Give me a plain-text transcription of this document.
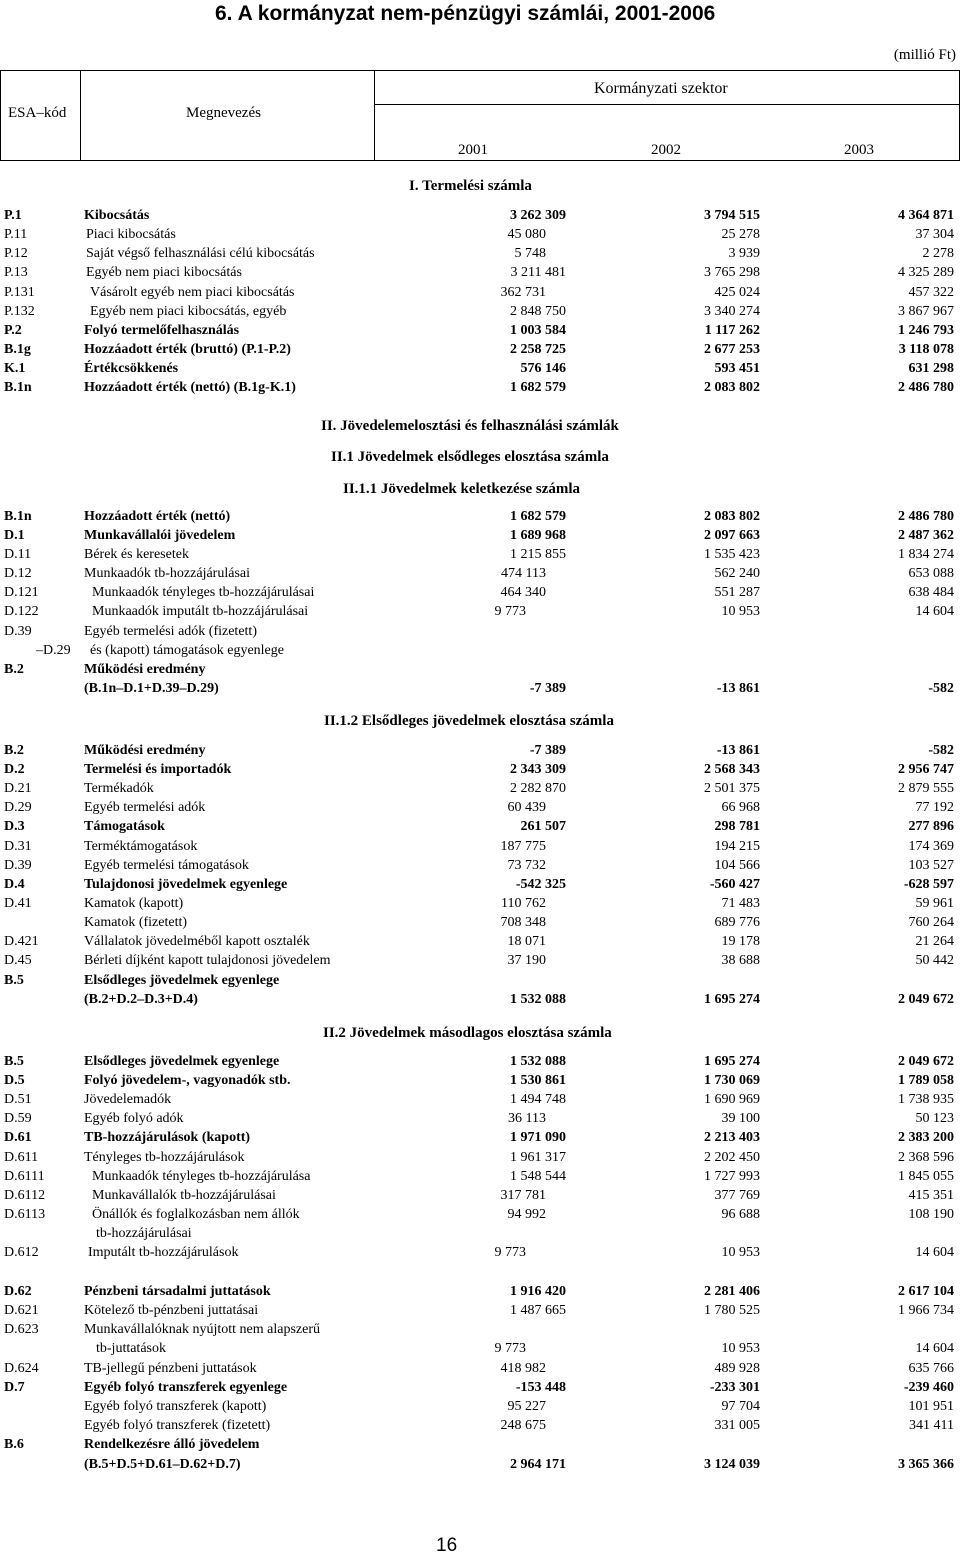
6. A kormányzat nem-pénzügyi számlái, 2001-2006
(millió Ft)
ESA–kód	Megnevezés
Kormányzati szektor
2001	2002	2003
I. Termelési számla
II. Jövedelemelosztási és felhasználási számlák
II.1 Jövedelmek elsődleges elosztása számla
II.1.1 Jövedelmek keletkezése számla
II.1.2 Elsődleges jövedelmek elosztása számla
II.2 Jövedelmek másodlagos elosztása számla
P.1	Kibocsátás	3 262 309	3 794 515	4 364 871
P.11	Piaci kibocsátás	45 080	25 278	37 304
P.12	Saját végső felhasználási célú kibocsátás	5 748	3 939	2 278
P.13	Egyéb nem piaci kibocsátás	3 211 481	3 765 298	4 325 289
P.131	Vásárolt egyéb nem piaci kibocsátás	362 731	425 024	457 322
P.132	Egyéb nem piaci kibocsátás, egyéb	2 848 750	3 340 274	3 867 967
P.2	Folyó termelőfelhasználás	1 003 584	1 117 262	1 246 793
B.1g	Hozzáadott érték (bruttó) (P.1-P.2)	2 258 725	2 677 253	3 118 078
K.1	Értékcsökkenés	576 146	593 451	631 298
B.1n	Hozzáadott érték (nettó) (B.1g-K.1)	1 682 579	2 083 802	2 486 780
B.1n	Hozzáadott érték (nettó)	1 682 579	2 083 802	2 486 780
D.1	Munkavállalói jövedelem	1 689 968	2 097 663	2 487 362
D.11	Bérek és keresetek	1 215 855	1 535 423	1 834 274
D.12	Munkaadók tb-hozzájárulásai	474 113	562 240	653 088
D.121	Munkaadók tényleges tb-hozzájárulásai	464 340	551 287	638 484
D.122	Munkaadók imputált tb-hozzájárulásai	9 773	10 953	14 604
D.39	Egyéb termelési adók (fizetett)
–D.29 és (kapott) támogatások egyenlege
B.2	Működési eredmény
(B.1n–D.1+D.39–D.29)	-7 389	-13 861	-582
B.2	Működési eredmény	-7 389	-13 861	-582
D.2	Termelési és importadók	2 343 309	2 568 343	2 956 747
D.21	Termékadók	2 282 870	2 501 375	2 879 555
D.29	Egyéb termelési adók	60 439	66 968	77 192
D.3	Támogatások	261 507	298 781	277 896
D.31	Terméktámogatások	187 775	194 215	174 369
D.39	Egyéb termelési támogatások	73 732	104 566	103 527
D.4	Tulajdonosi jövedelmek egyenlege	-542 325	-560 427	-628 597
D.41	Kamatok (kapott)	110 762	71 483	59 961
Kamatok (fizetett)	708 348	689 776	760 264
D.421	Vállalatok jövedelméből kapott osztalék	18 071	19 178	21 264
D.45	Bérleti díjként kapott tulajdonosi jövedelem	37 190	38 688	50 442
B.5	Elsődleges jövedelmek egyenlege
(B.2+D.2–D.3+D.4)	1 532 088	1 695 274	2 049 672
B.5	Elsődleges jövedelmek egyenlege	1 532 088	1 695 274	2 049 672
D.5	Folyó jövedelem-, vagyonadók stb.	1 530 861	1 730 069	1 789 058
D.51	Jövedelemadók	1 494 748	1 690 969	1 738 935
D.59	Egyéb folyó adók	36 113	39 100	50 123
D.61	TB-hozzájárulások (kapott)	1 971 090	2 213 403	2 383 200
D.611	Tényleges tb-hozzájárulások	1 961 317	2 202 450	2 368 596
D.6111	Munkaadók tényleges tb-hozzájárulása	1 548 544	1 727 993	1 845 055
D.6112	Munkavállalók tb-hozzájárulásai	317 781	377 769	415 351
D.6113	Önállók és foglalkozásban nem állók	94 992	96 688	108 190
tb-hozzájárulásai
D.612	Imputált tb-hozzájárulások	9 773	10 953	14 604
D.62	Pénzbeni társadalmi juttatások	1 916 420	2 281 406	2 617 104
D.621	Kötelező tb-pénzbeni juttatásai	1 487 665	1 780 525	1 966 734
D.623	Munkavállalóknak nyújtott nem alapszerű
tb-juttatások	9 773	10 953	14 604
D.624	TB-jellegű pénzbeni juttatások	418 982	489 928	635 766
D.7	Egyéb folyó transzferek egyenlege	-153 448	-233 301	-239 460
Egyéb folyó transzferek (kapott)	95 227	97 704	101 951
Egyéb folyó transzferek (fizetett)	248 675	331 005	341 411
B.6	Rendelkezésre álló jövedelem
(B.5+D.5+D.61–D.62+D.7)	2 964 171	3 124 039	3 365 366
16
